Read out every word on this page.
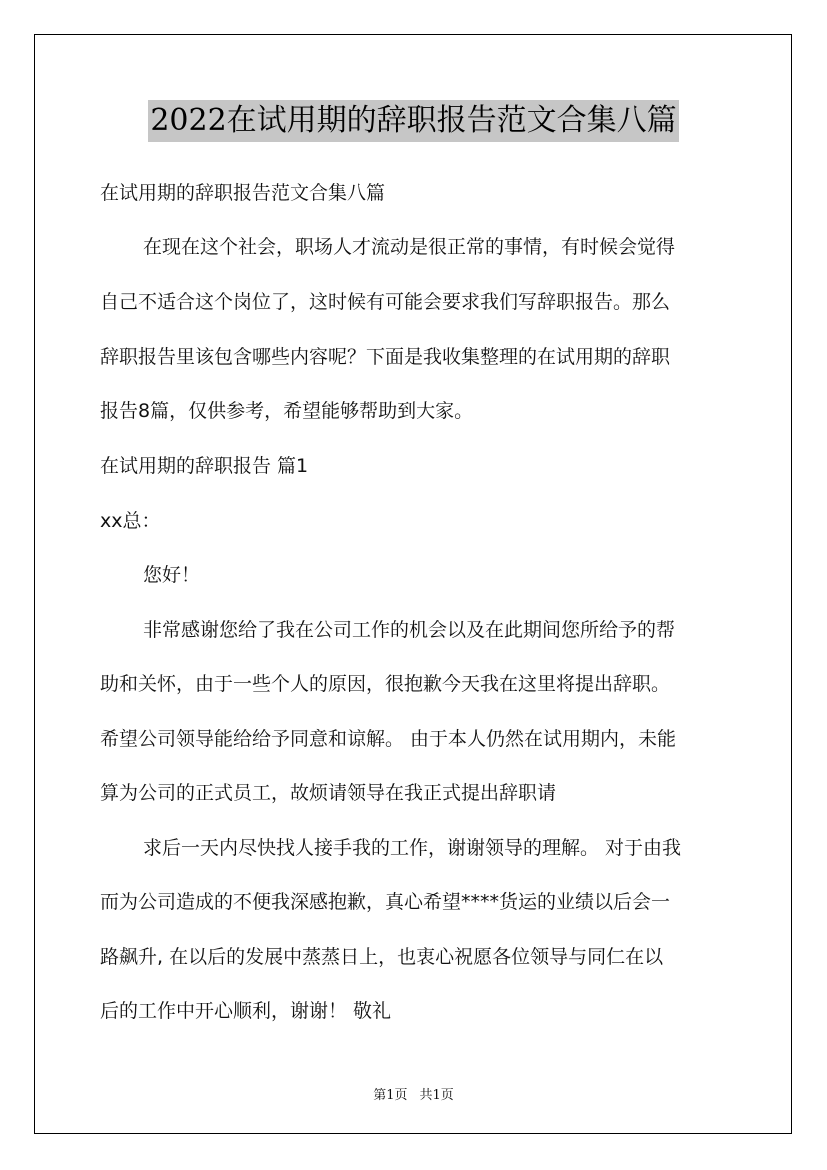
2022在试用期的辞职报告范文合集八篇
在试用期的辞职报告范文合集八篇
在现在这个社会，职场人才流动是很正常的事情，有时候会觉得
自己不适合这个岗位了，这时候有可能会要求我们写辞职报告。那么
辞职报告里该包含哪些内容呢？下面是我收集整理的在试用期的辞职
报告8篇，仅供参考，希望能够帮助到大家。
在试用期的辞职报告 篇1
xx总：
您好！
非常感谢您给了我在公司工作的机会以及在此期间您所给予的帮
助和关怀，由于一些个人的原因，很抱歉今天我在这里将提出辞职。
希望公司领导能给给予同意和谅解。 由于本人仍然在试用期内，未能
算为公司的正式员工，故烦请领导在我正式提出辞职请
求后一天内尽快找人接手我的工作，谢谢领导的理解。 对于由我
而为公司造成的不便我深感抱歉，真心希望****货运的业绩以后会一
路飙升, 在以后的发展中蒸蒸日上，也衷心祝愿各位领导与同仁在以
后的工作中开心顺利，谢谢！ 敬礼
第1页 共1页
